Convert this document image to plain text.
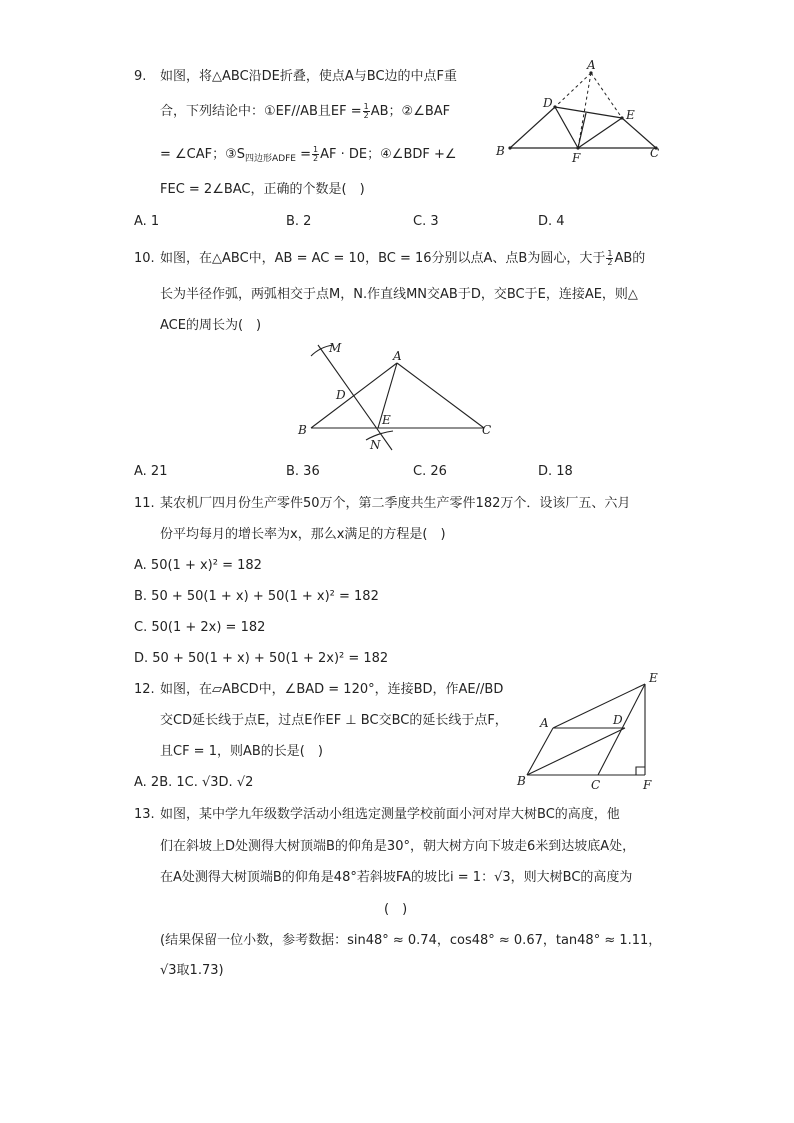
9. 如图，将△ABC沿DE折叠，使点A与BC边的中点F重
合，下列结论中：①EF//AB且EF = $\frac{1}{2}$ AB；②∠BAF
= ∠CAF；$③S_{四边形ADFE} = \frac{1}{2}$ AF · DE；④∠BDF +∠
FEC = 2∠BAC，正确的个数是(　)
A. 1	B. 2	C. 3	D. 4
A
D
E
B	F	C
10. 如图，在△ABC中，AB = AC = 10，BC = 16分别以点A、点B为圆心，大于 $\frac{1}{2}$ AB的
长为半径作弧，两弧相交于点M，N.作直线MN交AB于D，交BC于E，连接AE，则△
ACE的周长为(　)
M
A
D
E
B	C
N
A. 21	B. 36	C. 26	D. 18
11. 某农机厂四月份生产零件50万个，第二季度共生产零件182万个．设该厂五、六月
份平均每月的增长率为x，那么x满足的方程是(　)
A. 50(1 + x)² = 182
B. 50 + 50(1 + x) + 50(1 + x)² = 182
C. 50(1 + 2x) = 182
D. 50 + 50(1 + x) + 50(1 + 2x)² = 182
12. 如图，在▱ABCD中，∠BAD = 120°，连接BD，作AE//BD
交CD延长线于点E，过点E作EF ⊥ BC交BC的延长线于点F，
且CF = 1，则AB的长是(　)
A. 2B. 1C. √3D. √2
E
A	D
B	C	F
13. 如图，某中学九年级数学活动小组选定测量学校前面小河对岸大树BC的高度，他
们在斜坡上D处测得大树顶端B的仰角是30°，朝大树方向下坡走6米到达坡底A处，
在A处测得大树顶端B的仰角是48°若斜坡FA的坡比i = 1：√3，则大树BC的高度为
(　)
(结果保留一位小数，参考数据：sin48° ≈ 0.74，cos48° ≈ 0.67，tan48° ≈ 1.11，
√3取1.73)
